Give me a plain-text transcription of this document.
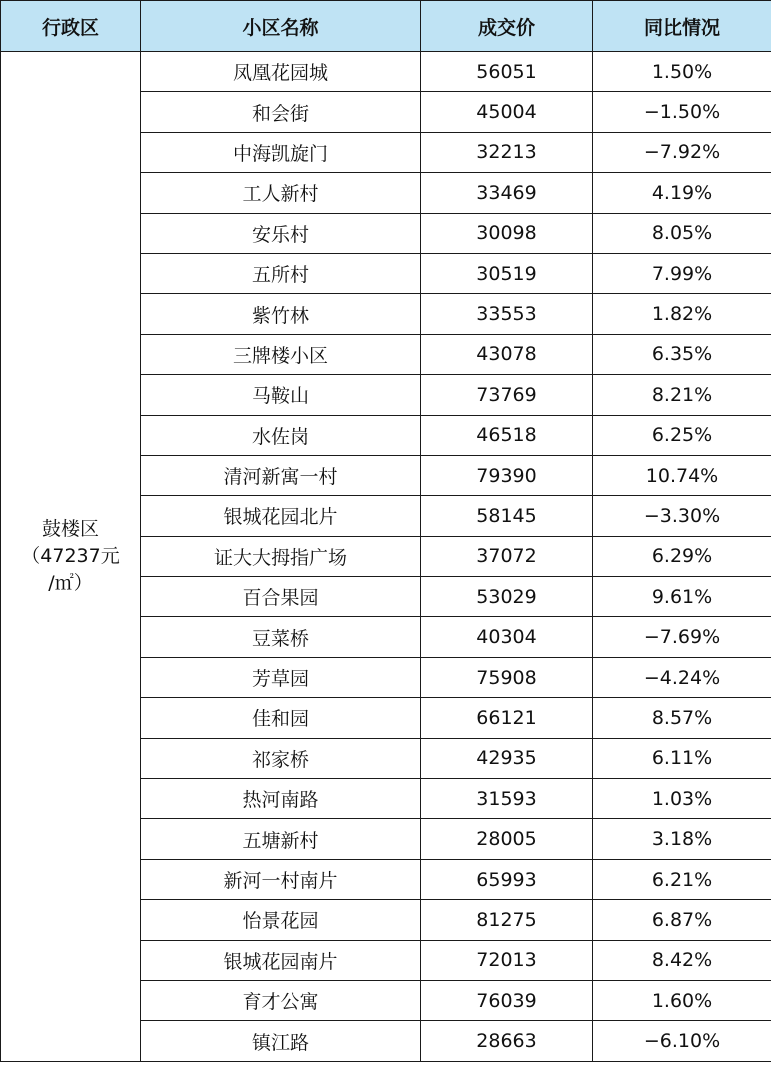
行政区	小区名称	成交价	同比情况

鼓楼区
（47237元
/㎡）	凤凰花园城	56051	1.50%
	和会街	45004	−1.50%
	中海凯旋门	32213	−7.92%
	工人新村	33469	4.19%
	安乐村	30098	8.05%
	五所村	30519	7.99%
	紫竹林	33553	1.82%
	三牌楼小区	43078	6.35%
	马鞍山	73769	8.21%
	水佐岗	46518	6.25%
	清河新寓一村	79390	10.74%
	银城花园北片	58145	−3.30%
	证大大拇指广场	37072	6.29%
	百合果园	53029	9.61%
	豆菜桥	40304	−7.69%
	芳草园	75908	−4.24%
	佳和园	66121	8.57%
	祁家桥	42935	6.11%
	热河南路	31593	1.03%
	五塘新村	28005	3.18%
	新河一村南片	65993	6.21%
	怡景花园	81275	6.87%
	银城花园南片	72013	8.42%
	育才公寓	76039	1.60%
	镇江路	28663	−6.10%
